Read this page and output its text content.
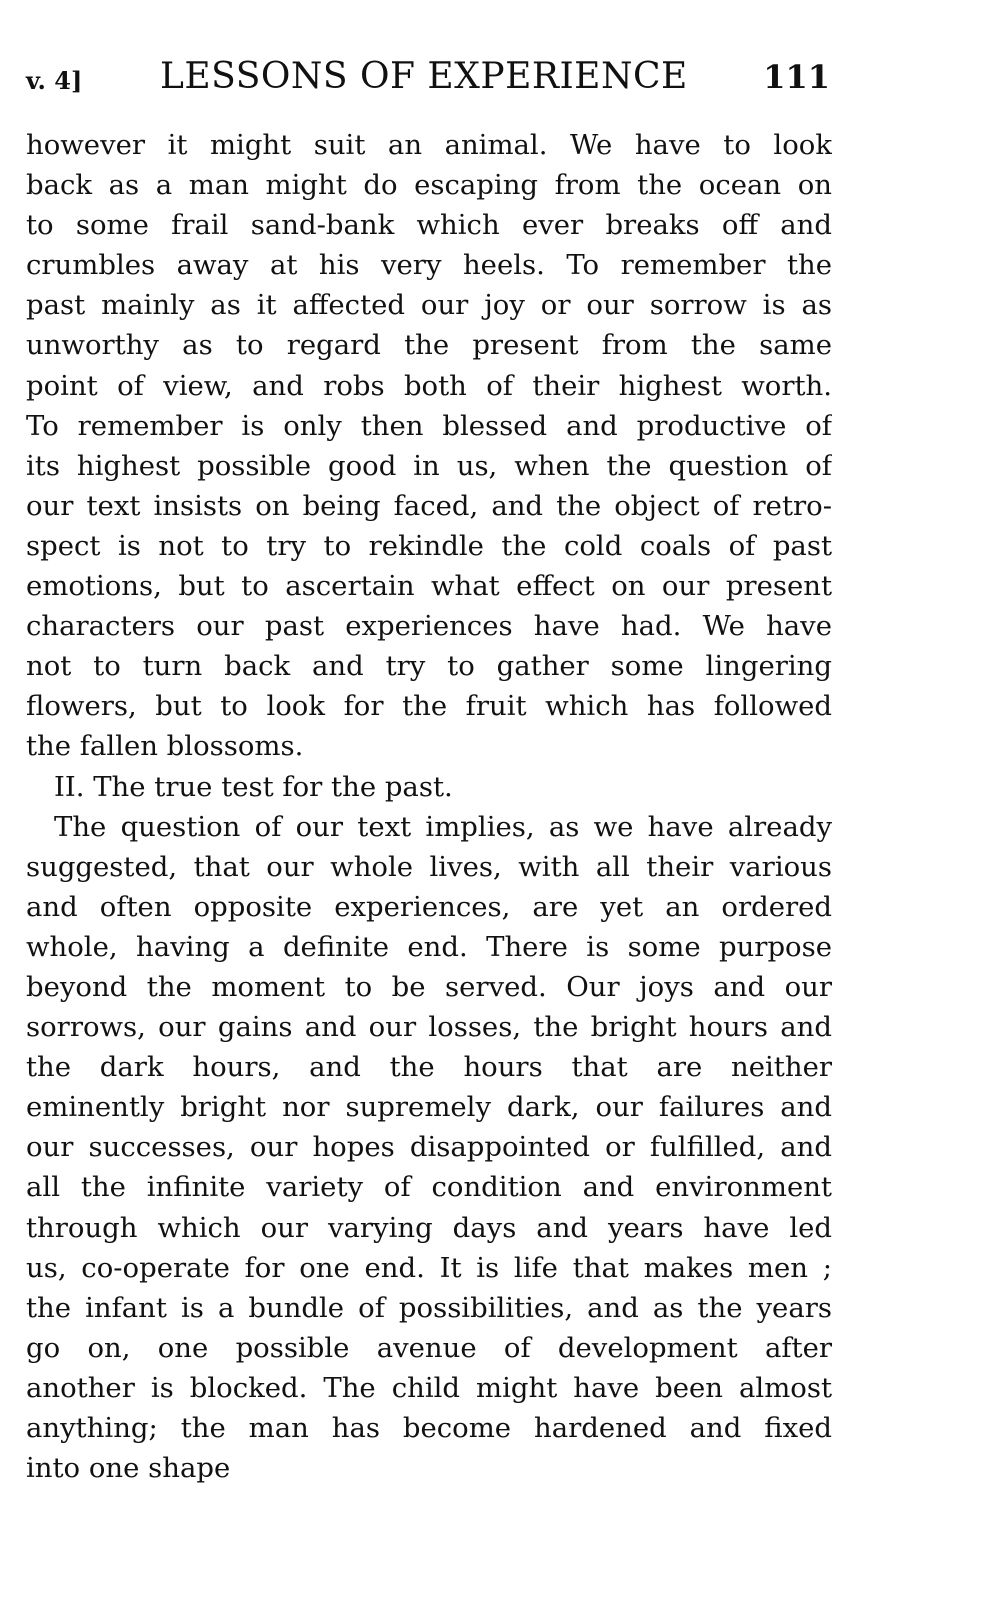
v. 4] LESSONS OF EXPERIENCE 111
however it might suit an animal. We have to look
back as a man might do escaping from the ocean on
to some frail sand-bank which ever breaks off and
crumbles away at his very heels. To remember the
past mainly as it affected our joy or our sorrow is as
unworthy as to regard the present from the same
point of view, and robs both of their highest worth.
To remember is only then blessed and productive of
its highest possible good in us, when the question of
our text insists on being faced, and the object of retro-
spect is not to try to rekindle the cold coals of past
emotions, but to ascertain what effect on our present
characters our past experiences have had. We have
not to turn back and try to gather some lingering
flowers, but to look for the fruit which has followed
the fallen blossoms.
II. The true test for the past.
The question of our text implies, as we have already
suggested, that our whole lives, with all their various
and often opposite experiences, are yet an ordered
whole, having a definite end. There is some purpose
beyond the moment to be served. Our joys and our
sorrows, our gains and our losses, the bright hours and
the dark hours, and the hours that are neither
eminently bright nor supremely dark, our failures and
our successes, our hopes disappointed or fulfilled, and
all the infinite variety of condition and environment
through which our varying days and years have led
us, co-operate for one end. It is life that makes men ;
the infant is a bundle of possibilities, and as the years
go on, one possible avenue of development after
another is blocked. The child might have been almost
anything; the man has become hardened and fixed
into one shape
